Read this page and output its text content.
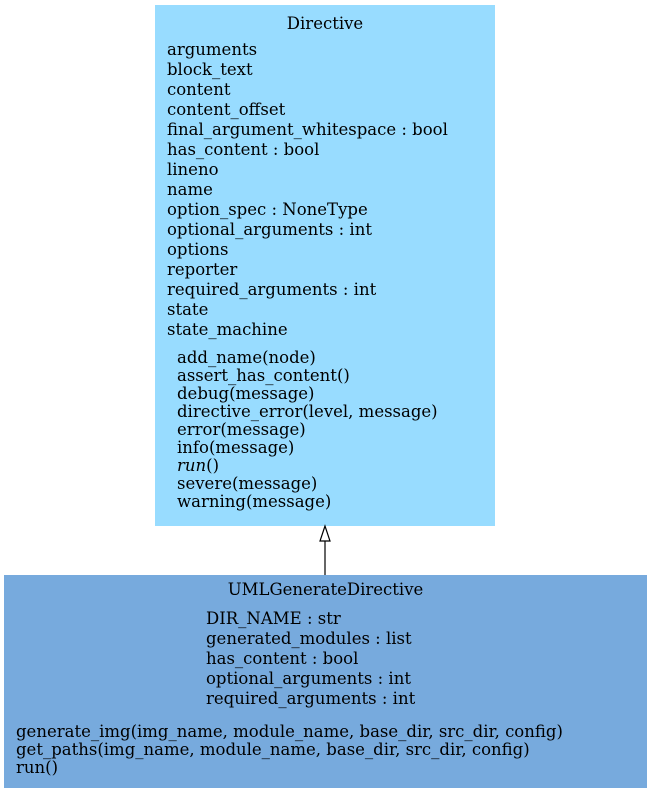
Directive
arguments
block_text
content
content_offset
final_argument_whitespace : bool
has_content : bool
lineno
name
option_spec : NoneType
optional_arguments : int
options
reporter
required_arguments : int
state
state_machine
add_name(node)
assert_has_content()
debug(message)
directive_error(level, message)
error(message)
info(message)
run()
severe(message)
warning(message)
UMLGenerateDirective
DIR_NAME : str
generated_modules : list
has_content : bool
optional_arguments : int
required_arguments : int
generate_img(img_name, module_name, base_dir, src_dir, config)
get_paths(img_name, module_name, base_dir, src_dir, config)
run()
